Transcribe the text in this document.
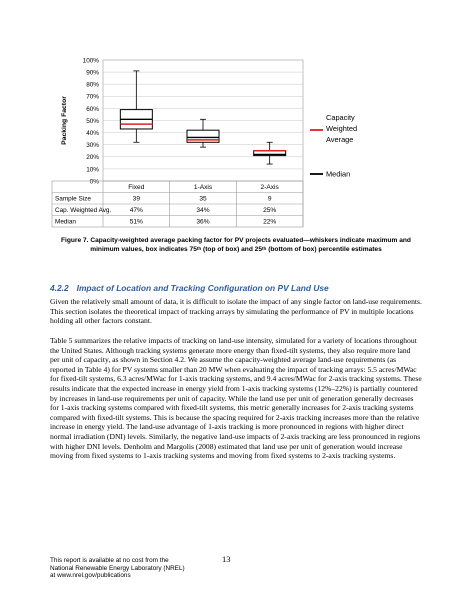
0%
10%
20%
30%
40%
50%
60%
70%
80%
90%
100%
Packing Factor	Capacity
Weighted
Average
Median
Fixed	1-Axis	2-Axis
Sample Size	39	35	9
Cap. Weighted Avg.	47%	34%	25%
Median	51%	36%	22%
Figure 7. Capacity-weighted average packing factor for PV projects evaluated—whiskers indicate maximum and minimum values, box indicates 75th (top of box) and 25th (bottom of box) percentile estimates
4.2.2 Impact of Location and Tracking Configuration on PV Land Use

Given the relatively small amount of data, it is difficult to isolate the impact of any single factor on land-use requirements. This section isolates the theoretical impact of tracking arrays by simulating the performance of PV in multiple locations holding all other factors constant.

Table 5 summarizes the relative impacts of tracking on land-use intensity, simulated for a variety of locations throughout the United States. Although tracking systems generate more energy than fixed-tilt systems, they also require more land per unit of capacity, as shown in Section 4.2. We assume the capacity-weighted average land-use requirements (as reported in Table 4) for PV systems smaller than 20 MW when evaluating the impact of tracking arrays: 5.5 acres/MWac for fixed-tilt systems, 6.3 acres/MWac for 1-axis tracking systems, and 9.4 acres/MWac for 2-axis tracking systems. These results indicate that the expected increase in energy yield from 1-axis tracking systems (12%–22%) is partially countered by increases in land-use requirements per unit of capacity. While the land use per unit of generation generally decreases for 1-axis tracking systems compared with fixed-tilt systems, this metric generally increases for 2-axis tracking systems compared with fixed-tilt systems. This is because the spacing required for 2-axis tracking increases more than the relative increase in energy yield. The land-use advantage of 1-axis tracking is more pronounced in regions with higher direct normal irradiation (DNI) levels. Similarly, the negative land-use impacts of 2-axis tracking are less pronounced in regions with higher DNI levels. Denholm and Margolis (2008) estimated that land use per unit of generation would increase moving from fixed systems to 1-axis tracking systems and moving from fixed systems to 2-axis tracking systems.

This report is available at no cost from the
National Renewable Energy Laboratory (NREL)
at www.nrel.gov/publications
13
